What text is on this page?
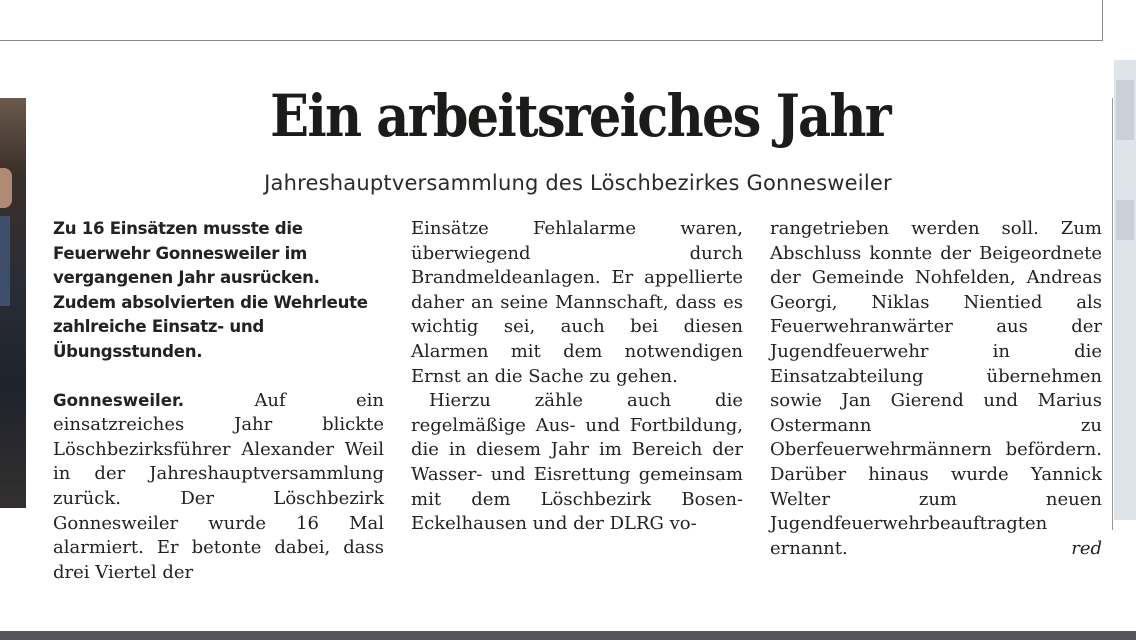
Ein arbeitsreiches Jahr
Jahreshauptversammlung des Löschbezirkes Gonnesweiler

Zu 16 Einsätzen musste die Feuerwehr Gonnesweiler im vergangenen Jahr ausrücken. Zudem absolvierten die Wehrleute zahlreiche Einsatz- und Übungsstunden.

Gonnesweiler.	Auf ein einsatzreiches Jahr blickte Löschbezirksführer Alexander Weil in der Jahreshauptversammlung zurück. Der Löschbezirk Gonnesweiler wurde 16 Mal alarmiert. Er betonte dabei, dass drei Viertel der

Einsätze Fehlalarme waren, überwiegend durch Brandmeldeanlagen. Er appellierte daher an seine Mannschaft, dass es wichtig sei, auch bei diesen Alarmen mit dem notwendigen Ernst an die Sache zu gehen.

Hierzu zähle auch die regelmäßige Aus- und Fortbildung, die in diesem Jahr im Bereich der Wasser- und Eisrettung gemeinsam mit dem Löschbezirk Bosen-Eckelhausen und der DLRG vo-

rangetrieben werden soll. Zum Abschluss konnte der Beigeordnete der Gemeinde Nohfelden, Andreas Georgi, Niklas Nientied als Feuerwehranwärter aus der Jugendfeuerwehr in die Einsatzabteilung übernehmen sowie Jan Gierend und Marius Ostermann zu Oberfeuerwehrmännern befördern. Darüber hinaus wurde Yannick Welter zum neuen Jugendfeuerwehrbeauftragten ernannt.	red
